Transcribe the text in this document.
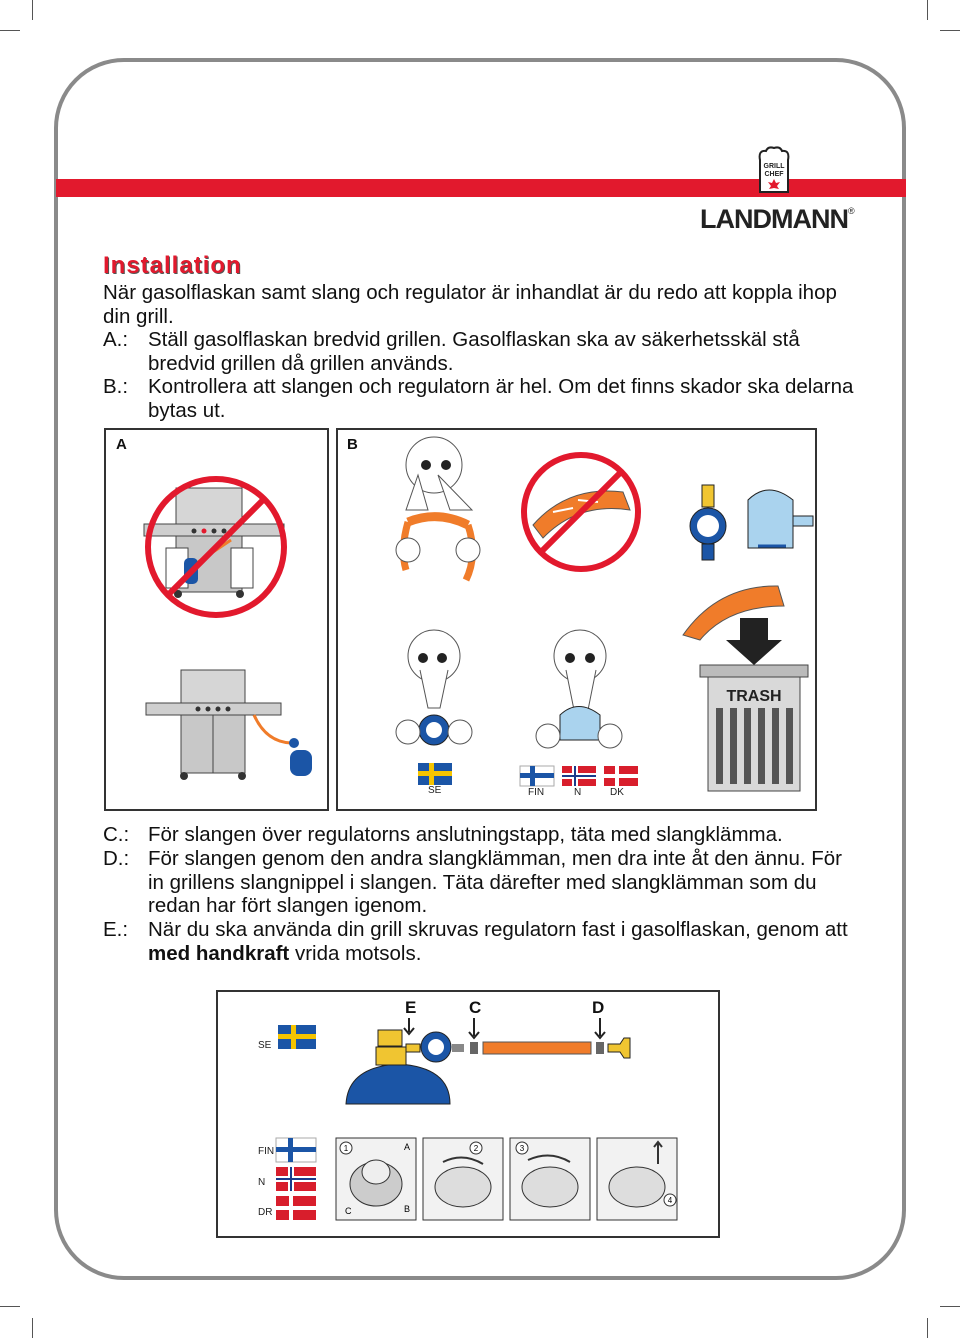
GRILL
CHEF
LANDMANN ®
Installation
När gasolflaskan samt slang och regulator är inhandlat är du redo att koppla ihop din grill.
A.: Ställ gasolflaskan bredvid grillen. Gasolflaskan ska av säkerhetsskäl stå bredvid grillen då grillen används.
B.: Kontrollera att slangen och regulatorn är hel. Om det finns skador ska delarna bytas ut.
A	B
TRASH
SE	FIN	N	DK
C.: För slangen över regulatorns anslutningstapp, täta med slangklämma.
D.: För slangen genom den andra slangklämman, men dra inte åt den ännu. För in grillens slangnippel i slangen. Täta därefter med slangklämman som du redan har fört slangen igenom.
E.: När du ska använda din grill skruvas regulatorn fast i gasolflaskan, genom att med handkraft vrida motsols.
1	2	3
4
A
B
C
E	C	D
SE
FIN
N
DR
